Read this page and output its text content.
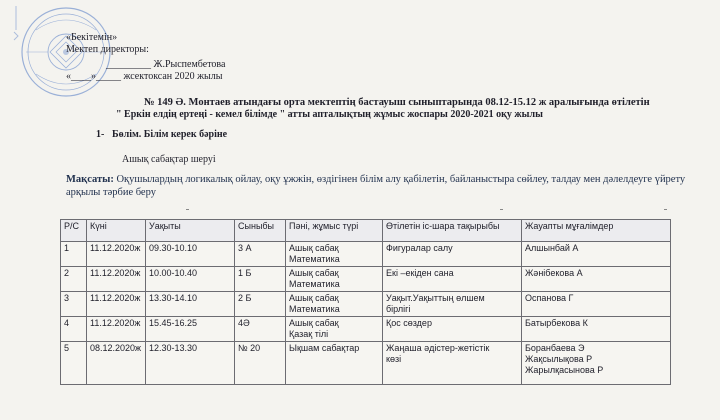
«Бекітемін»
Мектеп директоры:
_________ Ж.Рыспембетова
«____»_____ жсектоксан 2020 жылы
№ 149 Ә. Монтаев атындағы орта мектептің бастауыш сыныптарында 08.12-15.12 ж аралығында өтілетін
" Еркін елдің ертеңі - кемел білімде " атты апталықтың жұмыс жоспары 2020-2021 оқу жылы
1- Бөлім. Білім керек бәріне
Ашық сабақтар шеруі
Мақсаты: Оқушылардың логикалық ойлау, оқу ұжжін, өздігінен білім алу қабілетін, байланыстыра сөйлеу, талдау мен дәлелдеуге үйрету арқылы тәрбие беру
Р/С	Күні	Уақыты	Сыныбы	Пәні, жұмыс түрі	Өтілетін іс-шара тақырыбы	Жауапты мұғалімдер
1	11.12.2020ж	09.30-10.10	3 А	Ашық сабақ
Математика	Фигуралар салу	Алшынбай А
2	11.12.2020ж	10.00-10.40	1 Б	Ашық сабақ
Математика	Екі –екіден сана	Жәнібекова А
3	11.12.2020ж	13.30-14.10	2 Б	Ашық сабақ
Математика	Уақыт.Уақыттың өлшем
бірлігі	Оспанова Г
4	11.12.2020ж	15.45-16.25	4Ә	Ашық сабақ
Қазақ тілі	Қос сөздер	Батырбекова К
5	08.12.2020ж	12.30-13.30	№ 20	Ықшам сабақтар	Жаңаша әдістер-жетістік
көзі	Боранбаева Э
Жақсылықова Р
Жарылқасынова Р
